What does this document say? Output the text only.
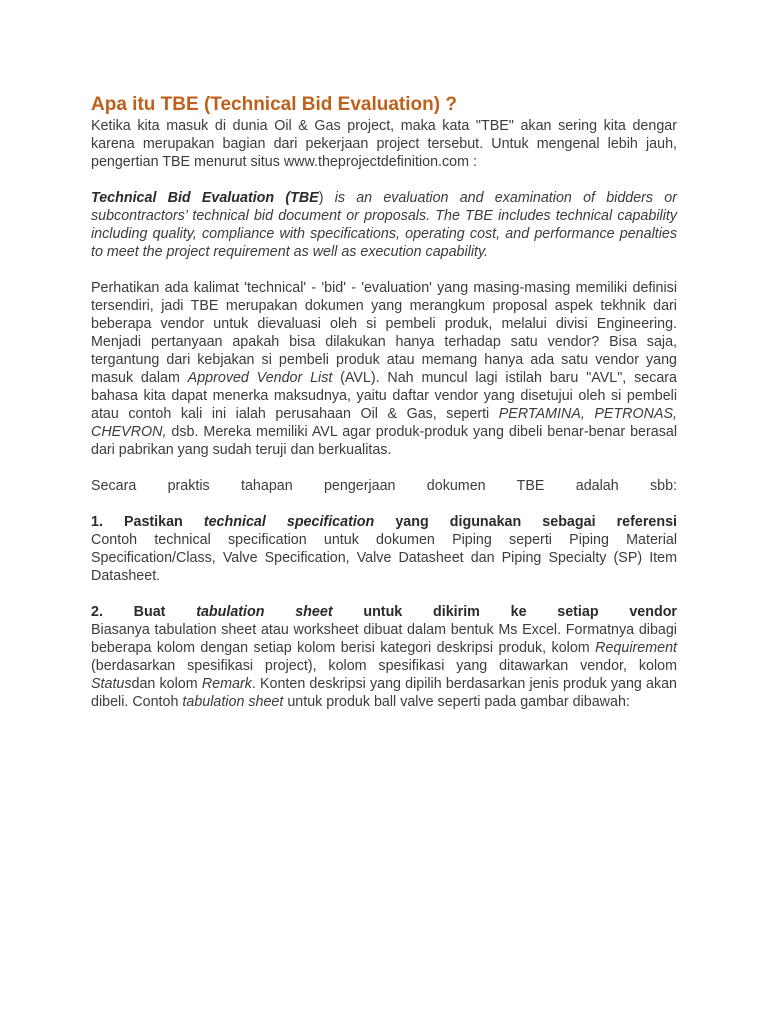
Apa itu TBE (Technical Bid Evaluation) ?

Ketika kita masuk di dunia Oil & Gas project, maka kata "TBE" akan sering kita dengar karena merupakan bagian dari pekerjaan project tersebut. Untuk mengenal lebih jauh, pengertian TBE menurut situs www.theprojectdefinition.com :

Technical Bid Evaluation (TBE) is an evaluation and examination of bidders or subcontractors’ technical bid document or proposals. The TBE includes technical capability including quality, compliance with specifications, operating cost, and performance penalties to meet the project requirement as well as execution capability.

Perhatikan ada kalimat 'technical' - 'bid' - 'evaluation' yang masing-masing memiliki definisi tersendiri, jadi TBE merupakan dokumen yang merangkum proposal aspek tekhnik dari beberapa vendor untuk dievaluasi oleh si pembeli produk, melalui divisi Engineering. Menjadi pertanyaan apakah bisa dilakukan hanya terhadap satu vendor? Bisa saja, tergantung dari kebjakan si pembeli produk atau memang hanya ada satu vendor yang masuk dalam Approved Vendor List (AVL). Nah muncul lagi istilah baru "AVL", secara bahasa kita dapat menerka maksudnya, yaitu daftar vendor yang disetujui oleh si pembeli atau contoh kali ini ialah perusahaan Oil & Gas, seperti PERTAMINA, PETRONAS, CHEVRON, dsb. Mereka memiliki AVL agar produk-produk yang dibeli benar-benar berasal dari pabrikan yang sudah teruji dan berkualitas.

Secara praktis tahapan pengerjaan dokumen TBE adalah sbb:

1. Pastikan technical specification yang digunakan sebagai referensi

Contoh technical specification untuk dokumen Piping seperti Piping Material Specification/Class, Valve Specification, Valve Datasheet dan Piping Specialty (SP) Item Datasheet.

2. Buat tabulation sheet untuk dikirim ke setiap vendor

Biasanya tabulation sheet atau worksheet dibuat dalam bentuk Ms Excel. Formatnya dibagi beberapa kolom dengan setiap kolom berisi kategori deskripsi produk, kolom Requirement (berdasarkan spesifikasi project), kolom spesifikasi yang ditawarkan vendor, kolom Statusdan kolom Remark. Konten deskripsi yang dipilih berdasarkan jenis produk yang akan dibeli. Contoh tabulation sheet untuk produk ball valve seperti pada gambar dibawah:
